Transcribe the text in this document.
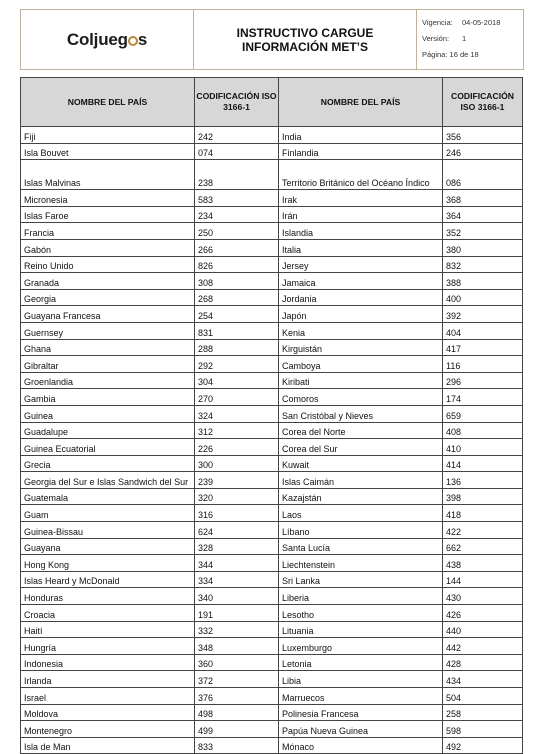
Coljueg s	INSTRUCTIVO CARGUE
INFORMACIÓN MET’S
Vigencia:	04-05-2018
Versión:	1
Página: 16 de 18
NOMBRE DEL PAÍS	CODIFICACIÓN ISO 3166-1	NOMBRE DEL PAÍS	CODIFICACIÓN ISO 3166-1
Fiji	242	India	356
Isla Bouvet	074	Finlandia	246
Islas Malvinas	238	Territorio Británico del Océano Índico	086
Micronesia	583	Irak	368
Islas Faroe	234	Irán	364
Francia	250	Islandia	352
Gabón	266	Italia	380
Reino Unido	826	Jersey	832
Granada	308	Jamaica	388
Georgia	268	Jordania	400
Guayana Francesa	254	Japón	392
Guernsey	831	Kenia	404
Ghana	288	Kirguistán	417
Gibraltar	292	Camboya	116
Groenlandia	304	Kiribati	296
Gambia	270	Comoros	174
Guinea	324	San Cristóbal y Nieves	659
Guadalupe	312	Corea del Norte	408
Guinea Ecuatorial	226	Corea del Sur	410
Grecia	300	Kuwait	414
Georgia del Sur e Islas Sandwich del Sur	239	Islas Caimán	136
Guatemala	320	Kazajstán	398
Guam	316	Laos	418
Guinea-Bissau	624	Líbano	422
Guayana	328	Santa Lucía	662
Hong Kong	344	Liechtenstein	438
Islas Heard y McDonald	334	Sri Lanka	144
Honduras	340	Liberia	430
Croacia	191	Lesotho	426
Haití	332	Lituania	440
Hungría	348	Luxemburgo	442
Indonesia	360	Letonia	428
Irlanda	372	Libia	434
Israel	376	Marruecos	504
Moldova	498	Polinesia Francesa	258
Montenegro	499	Papúa Nueva Guinea	598
Isla de Man	833	Mónaco	492
